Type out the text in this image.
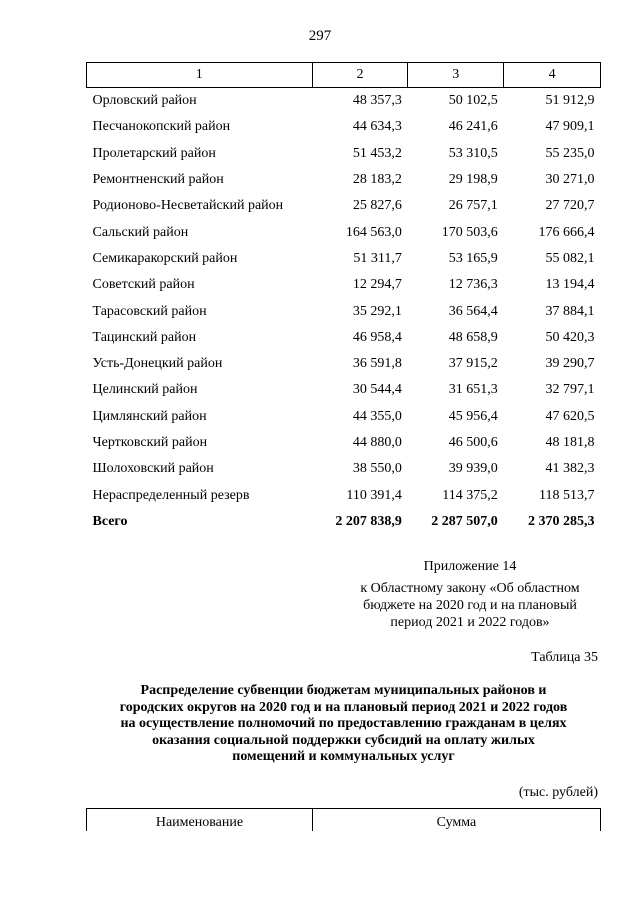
297
1	2	3	4
Орловский район	48 357,3	50 102,5	51 912,9
Песчанокопский район	44 634,3	46 241,6	47 909,1
Пролетарский район	51 453,2	53 310,5	55 235,0
Ремонтненский район	28 183,2	29 198,9	30 271,0
Родионово-Несветайский район	25 827,6	26 757,1	27 720,7
Сальский район	164 563,0	170 503,6	176 666,4
Семикаракорский район	51 311,7	53 165,9	55 082,1
Советский район	12 294,7	12 736,3	13 194,4
Тарасовский район	35 292,1	36 564,4	37 884,1
Тацинский район	46 958,4	48 658,9	50 420,3
Усть-Донецкий район	36 591,8	37 915,2	39 290,7
Целинский район	30 544,4	31 651,3	32 797,1
Цимлянский район	44 355,0	45 956,4	47 620,5
Чертковский район	44 880,0	46 500,6	48 181,8
Шолоховский район	38 550,0	39 939,0	41 382,3
Нераспределенный резерв	110 391,4	114 375,2	118 513,7
Всего	2 207 838,9	2 287 507,0	2 370 285,3
Приложение 14
к Областному закону «Об областном
бюджете на 2020 год и на плановый
период 2021 и 2022 годов»
Таблица 35
Распределение субвенции бюджетам муниципальных районов и
городских округов на 2020 год и на плановый период 2021 и 2022 годов
на осуществление полномочий по предоставлению гражданам в целях
оказания социальной поддержки субсидий на оплату жилых
помещений и коммунальных услуг
(тыс. рублей)
Наименование	Сумма
